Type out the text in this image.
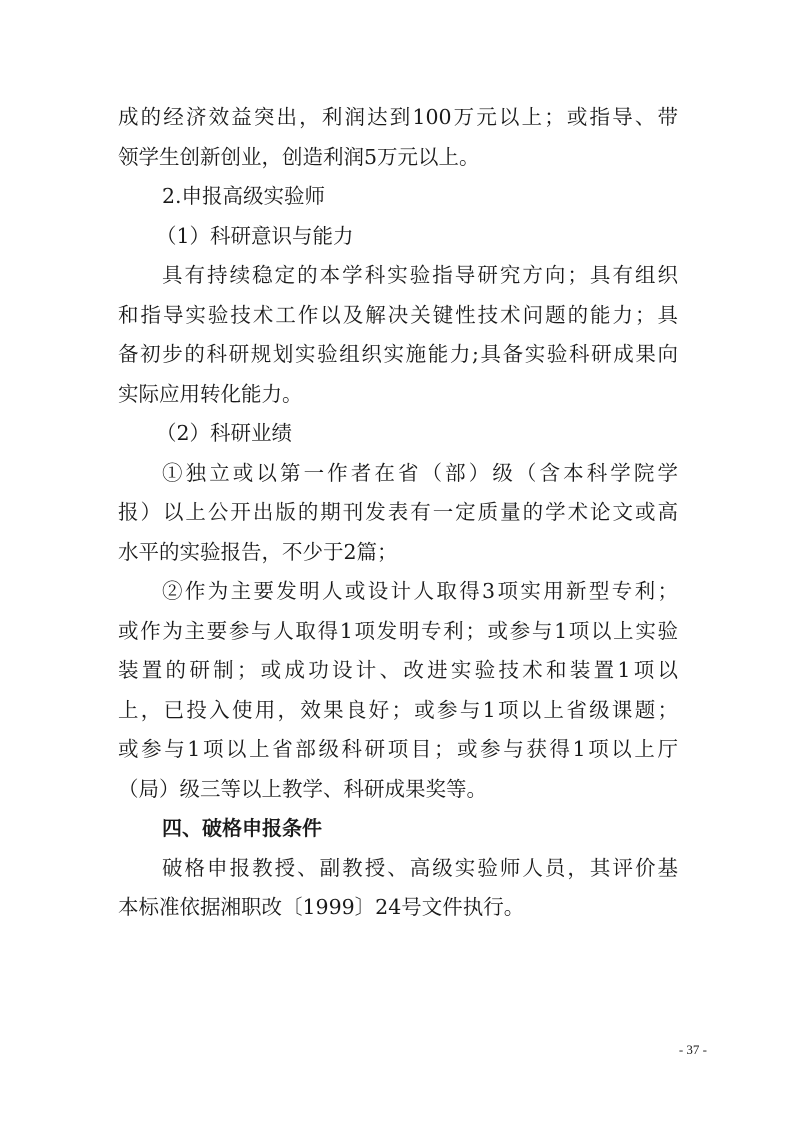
成的经济效益突出，利润达到100万元以上；或指导、带
领学生创新创业，创造利润5万元以上。
2.申报高级实验师
（1）科研意识与能力
具有持续稳定的本学科实验指导研究方向；具有组织
和指导实验技术工作以及解决关键性技术问题的能力；具
备初步的科研规划实验组织实施能力;具备实验科研成果向
实际应用转化能力。
（2）科研业绩
①独立或以第一作者在省（部）级（含本科学院学
报）以上公开出版的期刊发表有一定质量的学术论文或高
水平的实验报告，不少于2篇；
②作为主要发明人或设计人取得3项实用新型专利；
或作为主要参与人取得1项发明专利；或参与1项以上实验
装置的研制；或成功设计、改进实验技术和装置1项以
上，已投入使用，效果良好；或参与1项以上省级课题；
或参与1项以上省部级科研项目；或参与获得1项以上厅
（局）级三等以上教学、科研成果奖等。
四、破格申报条件
破格申报教授、副教授、高级实验师人员，其评价基
本标准依据湘职改〔1999〕24号文件执行。
- 37 -
